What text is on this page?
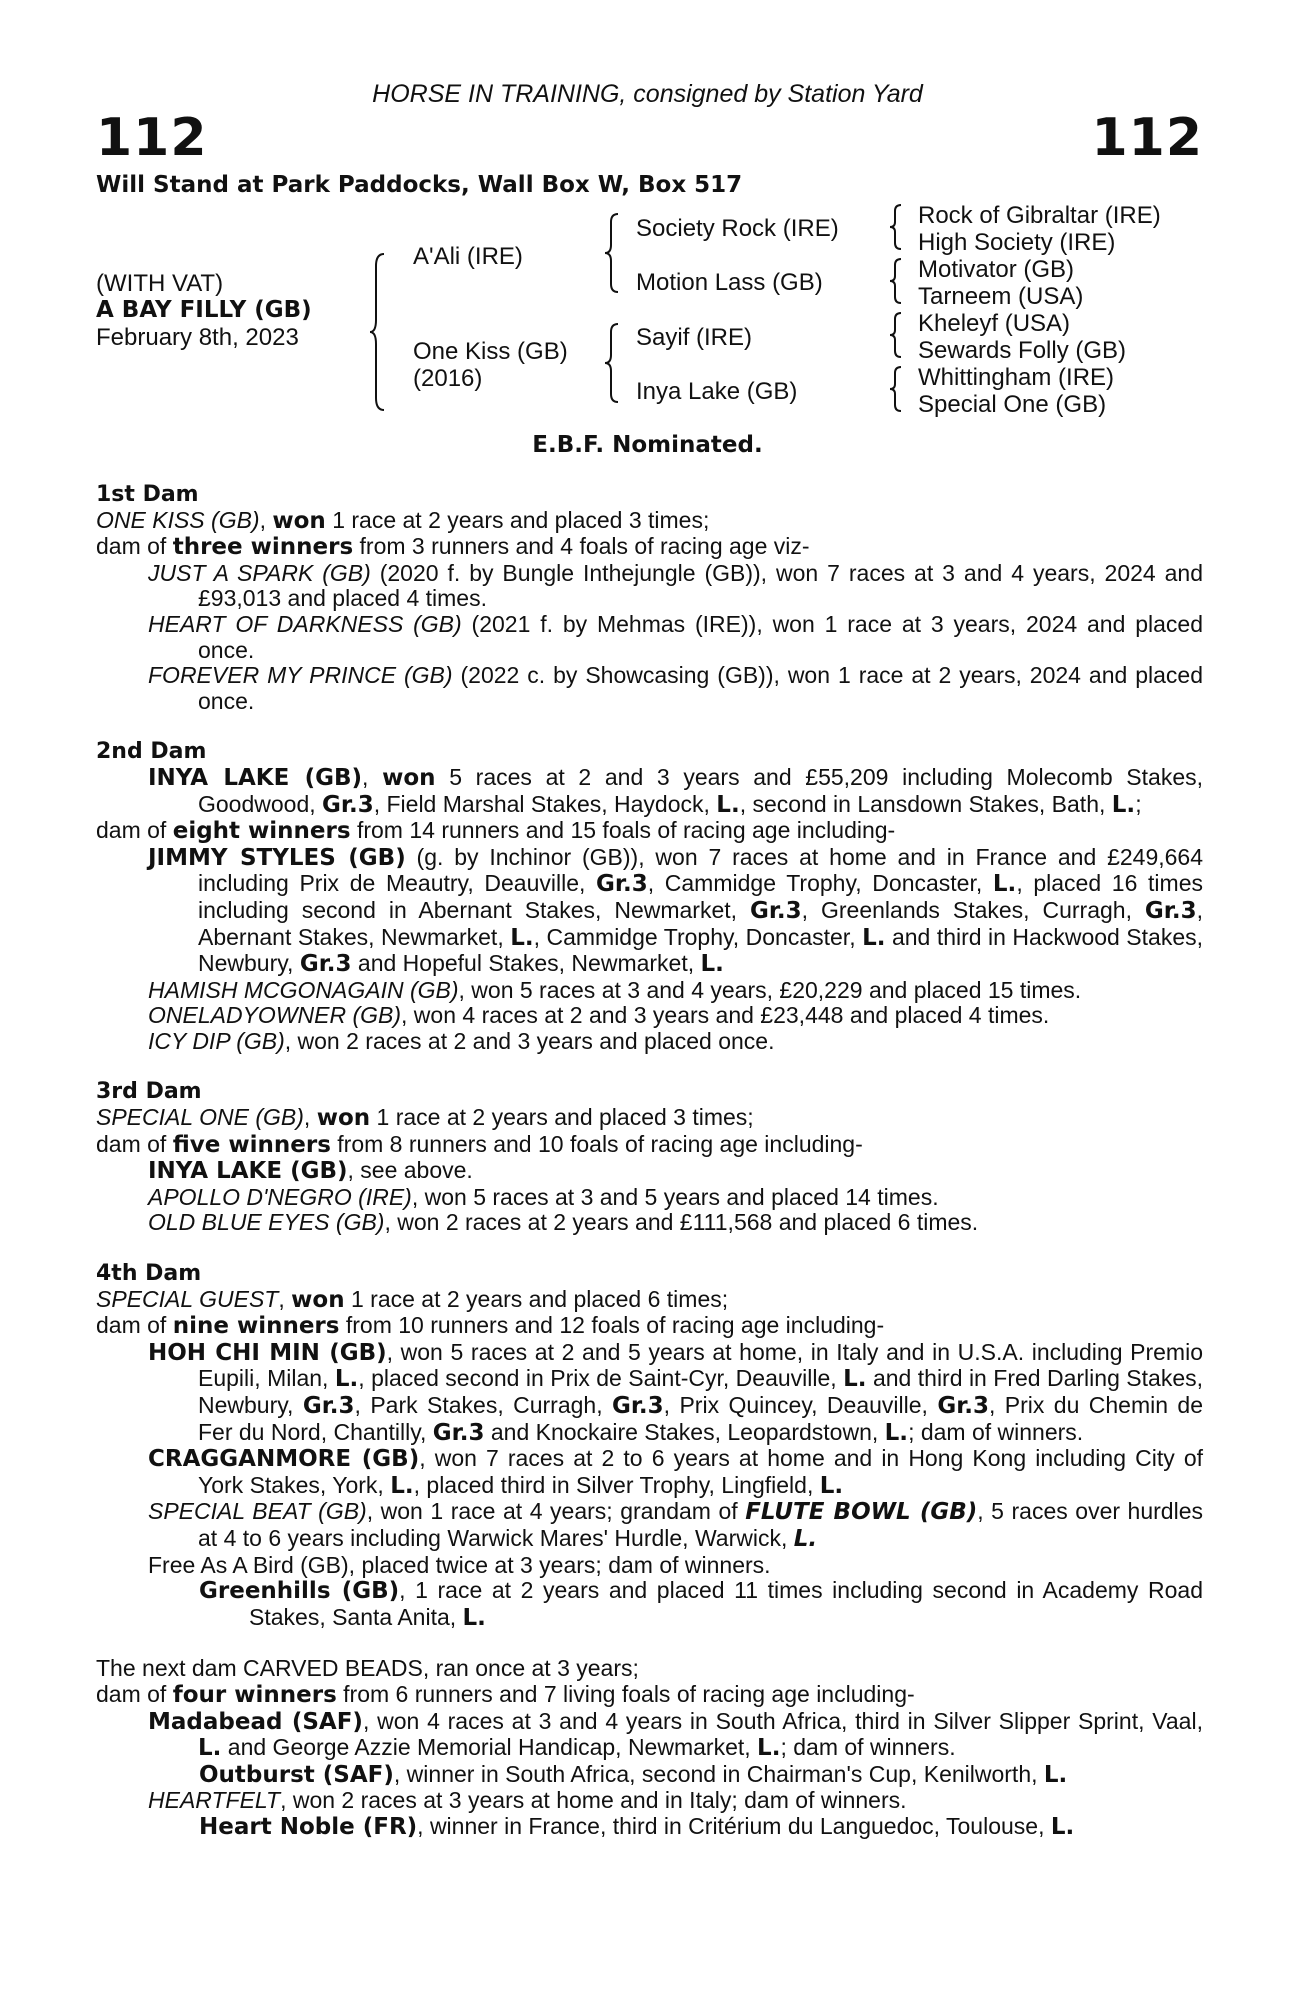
HORSE IN TRAINING, consigned by Station Yard
112	112
Will Stand at Park Paddocks, Wall Box W, Box 517
(WITH VAT)
A BAY FILLY (GB)
February 8th, 2023
A'Ali (IRE)
One Kiss (GB)
(2016)
Society Rock (IRE)
Motion Lass (GB)
Sayif (IRE)
Inya Lake (GB)
Rock of Gibraltar (IRE)
High Society (IRE)
Motivator (GB)
Tarneem (USA)
Kheleyf (USA)
Sewards Folly (GB)
Whittingham (IRE)
Special One (GB)
E.B.F. Nominated.
1st Dam
ONE KISS (GB), won 1 race at 2 years and placed 3 times;
dam of three winners from 3 runners and 4 foals of racing age viz-
JUST A SPARK (GB) (2020 f. by Bungle Inthejungle (GB)), won 7 races at 3 and 4 years, 2024 and £93,013 and placed 4 times.
HEART OF DARKNESS (GB) (2021 f. by Mehmas (IRE)), won 1 race at 3 years, 2024 and placed once.
FOREVER MY PRINCE (GB) (2022 c. by Showcasing (GB)), won 1 race at 2 years, 2024 and placed once.
2nd Dam
INYA LAKE (GB), won 5 races at 2 and 3 years and £55,209 including Molecomb Stakes, Goodwood, Gr.3, Field Marshal Stakes, Haydock, L., second in Lansdown Stakes, Bath, L.;
dam of eight winners from 14 runners and 15 foals of racing age including-
JIMMY STYLES (GB) (g. by Inchinor (GB)), won 7 races at home and in France and £249,664 including Prix de Meautry, Deauville, Gr.3, Cammidge Trophy, Doncaster, L., placed 16 times including second in Abernant Stakes, Newmarket, Gr.3, Greenlands Stakes, Curragh, Gr.3, Abernant Stakes, Newmarket, L., Cammidge Trophy, Doncaster, L. and third in Hackwood Stakes, Newbury, Gr.3 and Hopeful Stakes, Newmarket, L.
HAMISH MCGONAGAIN (GB), won 5 races at 3 and 4 years, £20,229 and placed 15 times.
ONELADYOWNER (GB), won 4 races at 2 and 3 years and £23,448 and placed 4 times.
ICY DIP (GB), won 2 races at 2 and 3 years and placed once.
3rd Dam
SPECIAL ONE (GB), won 1 race at 2 years and placed 3 times;
dam of five winners from 8 runners and 10 foals of racing age including-
INYA LAKE (GB), see above.
APOLLO D'NEGRO (IRE), won 5 races at 3 and 5 years and placed 14 times.
OLD BLUE EYES (GB), won 2 races at 2 years and £111,568 and placed 6 times.
4th Dam
SPECIAL GUEST, won 1 race at 2 years and placed 6 times;
dam of nine winners from 10 runners and 12 foals of racing age including-
HOH CHI MIN (GB), won 5 races at 2 and 5 years at home, in Italy and in U.S.A. including Premio Eupili, Milan, L., placed second in Prix de Saint-Cyr, Deauville, L. and third in Fred Darling Stakes, Newbury, Gr.3, Park Stakes, Curragh, Gr.3, Prix Quincey, Deauville, Gr.3, Prix du Chemin de Fer du Nord, Chantilly, Gr.3 and Knockaire Stakes, Leopardstown, L.; dam of winners.
CRAGGANMORE (GB), won 7 races at 2 to 6 years at home and in Hong Kong including City of York Stakes, York, L., placed third in Silver Trophy, Lingfield, L.
SPECIAL BEAT (GB), won 1 race at 4 years; grandam of FLUTE BOWL (GB), 5 races over hurdles at 4 to 6 years including Warwick Mares' Hurdle, Warwick, L.
Free As A Bird (GB), placed twice at 3 years; dam of winners.
Greenhills (GB), 1 race at 2 years and placed 11 times including second in Academy Road Stakes, Santa Anita, L.
The next dam CARVED BEADS, ran once at 3 years;
dam of four winners from 6 runners and 7 living foals of racing age including-
Madabead (SAF), won 4 races at 3 and 4 years in South Africa, third in Silver Slipper Sprint, Vaal, L. and George Azzie Memorial Handicap, Newmarket, L.; dam of winners.
Outburst (SAF), winner in South Africa, second in Chairman's Cup, Kenilworth, L.
HEARTFELT, won 2 races at 3 years at home and in Italy; dam of winners.
Heart Noble (FR), winner in France, third in Critérium du Languedoc, Toulouse, L.
